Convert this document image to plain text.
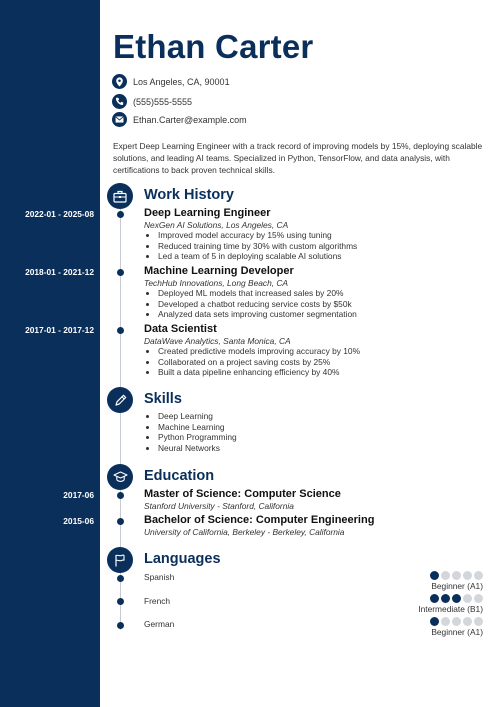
Ethan Carter
Los Angeles, CA, 90001
(555)555-5555
Ethan.Carter@example.com
Expert Deep Learning Engineer with a track record of improving models by 15%, deploying scalable solutions, and leading AI teams. Specialized in Python, TensorFlow, and data analysis, with certifications to back proven technical skills.
Work History
2022-01 - 2025-08	Deep Learning Engineer
NexGen AI Solutions, Los Angeles, CA
• Improved model accuracy by 15% using tuning
• Reduced training time by 30% with custom algorithms
• Led a team of 5 in deploying scalable AI solutions
2018-01 - 2021-12	Machine Learning Developer
TechHub Innovations, Long Beach, CA
• Deployed ML models that increased sales by 20%
• Developed a chatbot reducing service costs by $50k
• Analyzed data sets improving customer segmentation
2017-01 - 2017-12	Data Scientist
DataWave Analytics, Santa Monica, CA
• Created predictive models improving accuracy by 10%
• Collaborated on a project saving costs by 25%
• Built a data pipeline enhancing efficiency by 40%
Skills
• Deep Learning
• Machine Learning
• Python Programming
• Neural Networks
Education
2017-06	Master of Science: Computer Science
Stanford University - Stanford, California
2015-06	Bachelor of Science: Computer Engineering
University of California, Berkeley - Berkeley, California
Languages
Spanish
Beginner (A1)
French
Intermediate (B1)
German
Beginner (A1)
